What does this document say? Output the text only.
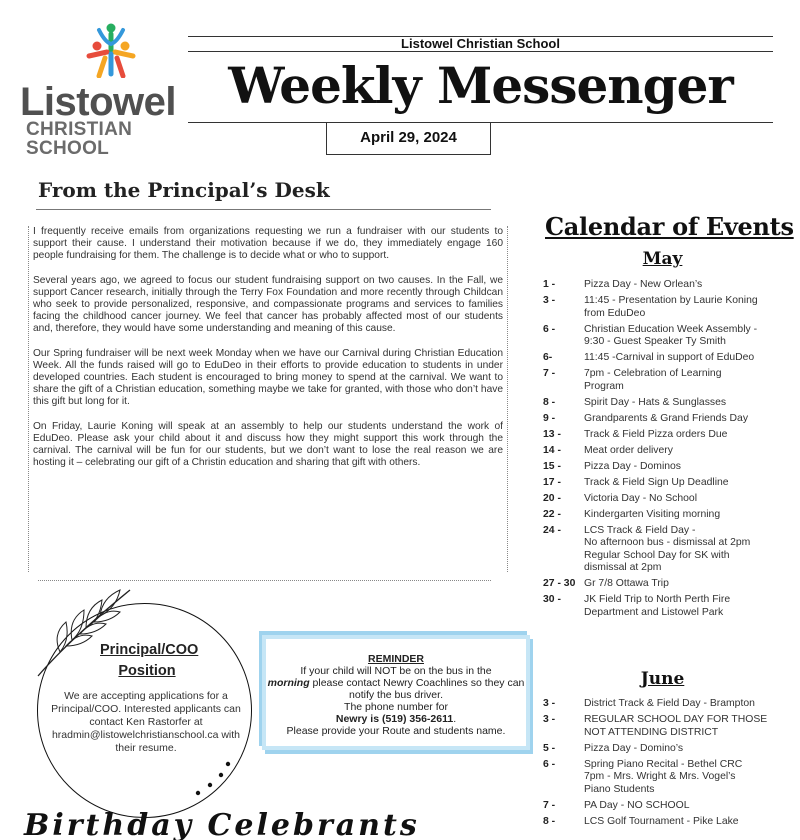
Listowel
CHRISTIAN SCHOOL
Listowel Christian School
Weekly Messenger
April 29, 2024
From the Principal’s Desk

I frequently receive emails from organizations requesting we run a fundraiser with our students to support their cause. I understand their motivation because if we do, they immediately engage 160 people fundraising for them. The challenge is to decide what or who to support.

Several years ago, we agreed to focus our student fundraising support on two causes. In the Fall, we support Cancer research, initially through the Terry Fox Foundation and more recently through Childcan who seek to provide personalized, responsive, and compassionate programs and services to families facing the childhood cancer journey. We feel that cancer has probably affected most of our students and, therefore, they would have some understanding and meaning of this cause.

Our Spring fundraiser will be next week Monday when we have our Carnival during Christian Education Week. All the funds raised will go to EduDeo in their efforts to provide education to students in under developed countries. Each student is encouraged to bring money to spend at the carnival. We want to share the gift of a Christian education, something maybe we take for granted, with those who don’t have this gift but long for it.

On Friday, Laurie Koning will speak at an assembly to help our students understand the work of EduDeo. Please ask your child about it and discuss how they might support this work through the carnival. The carnival will be fun for our students, but we don’t want to lose the real reason we are hosting it – celebrating our gift of a Christin education and sharing that gift with others.

Principal/COO Position
We are accepting applications for a Principal/COO. Interested applicants can contact Ken Rastorfer at hradmin@listowelchristianschool.ca with their resume.
REMINDER
If your child will NOT be on the bus in the
morning please contact Newry Coachlines so they can notify the bus driver.
The phone number for
Newry is (519) 356-2611.
Please provide your Route and students name.
Birthday Celebrants
Calendar of Events
May
1 -	Pizza Day - New Orlean’s
3 -	11:45 - Presentation by Laurie Koning
from EduDeo
6 -	Christian Education Week Assembly -
9:30 - Guest Speaker Ty Smith
6-	11:45 -Carnival in support of EduDeo
7 -	7pm - Celebration of Learning
Program
8 -	Spirit Day - Hats & Sunglasses
9 -	Grandparents & Grand Friends Day
13 - Track & Field Pizza orders Due
14 - Meat order delivery
15 - Pizza Day - Dominos
17 - Track & Field Sign Up Deadline
20 - Victoria Day - No School
22 - Kindergarten Visiting morning
24 - LCS Track & Field Day -
No afternoon bus - dismissal at 2pm
Regular School Day for SK with
dismissal at 2pm
27 - 30 Gr 7/8 Ottawa Trip
30 - JK Field Trip to North Perth Fire
Department and Listowel Park
June
3 -	District Track & Field Day - Brampton
3 -	REGULAR SCHOOL DAY FOR THOSE
NOT ATTENDING DISTRICT
5 -	Pizza Day - Domino’s
6 -	Spring Piano Recital - Bethel CRC
7pm - Mrs. Wright & Mrs. Vogel’s
Piano Students
7 -	PA Day - NO SCHOOL
8 -	LCS Golf Tournament - Pike Lake
